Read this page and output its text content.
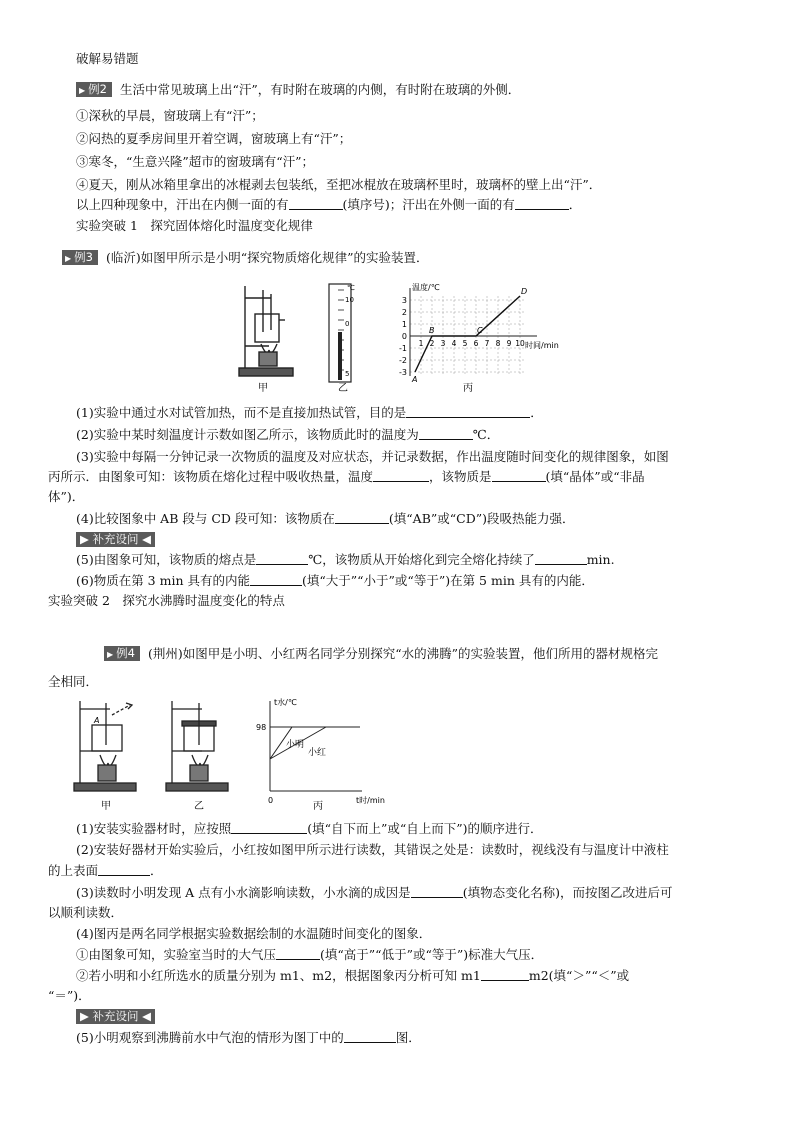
破解易错题
▶ 例2 生活中常见玻璃上出“汗”，有时附在玻璃的内侧，有时附在玻璃的外侧．
①深秋的早晨，窗玻璃上有“汗”；
②闷热的夏季房间里开着空调，窗玻璃上有“汗”；
③寒冬，“生意兴隆”超市的窗玻璃有“汗”；
④夏天，刚从冰箱里拿出的冰棍剥去包装纸，至把冰棍放在玻璃杯里时，玻璃杯的壁上出“汗”．
以上四种现象中，汗出在内侧一面的有	(填序号)；汗出在外侧一面的有	．
实验突破 1　探究固体熔化时温度变化规律
▶ 例3 (临沂)如图甲所示是小明“探究物质熔化规律”的实验装置．
甲
℃
10
0
5
乙
温度/℃
时间/min
3
2
1
0
-1
-2
-3
1 2 3 4 5 6 7 8 9 10
A
B	C
D
丙
(1)实验中通过水对试管加热，而不是直接加热试管，目的是	．
(2)实验中某时刻温度计示数如图乙所示，该物质此时的温度为	℃．
(3)实验中每隔一分钟记录一次物质的温度及对应状态，并记录数据，作出温度随时间变化的规律图象，如图
丙所示．由图象可知：该物质在熔化过程中吸收热量，温度	，该物质是	(填“晶体”或“非晶
体”)．
(4)比较图象中 AB 段与 CD 段可知：该物质在	(填“AB”或“CD”)段吸热能力强．
▶ 补充设问 ◀
(5)由图象可知，该物质的熔点是	℃，该物质从开始熔化到完全熔化持续了	min.
(6)物质在第 3 min 具有的内能	(填“大于”“小于”或“等于”)在第 5 min 具有的内能．
实验突破 2　探究水沸腾时温度变化的特点
▶ 例4 (荆州)如图甲是小明、小红两名同学分别探究“水的沸腾”的实验装置，他们所用的器材规格完
全相同．
A
甲	乙
t水/℃
t时/min
98
0
小明
小红
丙
(1)安装实验器材时，应按照	(填“自下而上”或“自上而下”)的顺序进行．
(2)安装好器材开始实验后，小红按如图甲所示进行读数，其错误之处是：读数时，视线没有与温度计中液柱
的上表面	．
(3)读数时小明发现 A 点有小水滴影响读数，小水滴的成因是	(填物态变化名称)，而按图乙改进后可
以顺利读数．
(4)图丙是两名同学根据实验数据绘制的水温随时间变化的图象．
①由图象可知，实验室当时的大气压	(填“高于”“低于”或“等于”)标准大气压．
②若小明和小红所选水的质量分别为 m1、m2，根据图象丙分析可知 m1	m2(填“＞”“＜”或
“＝”)．
▶ 补充设问 ◀
(5)小明观察到沸腾前水中气泡的情形为图丁中的	图．
